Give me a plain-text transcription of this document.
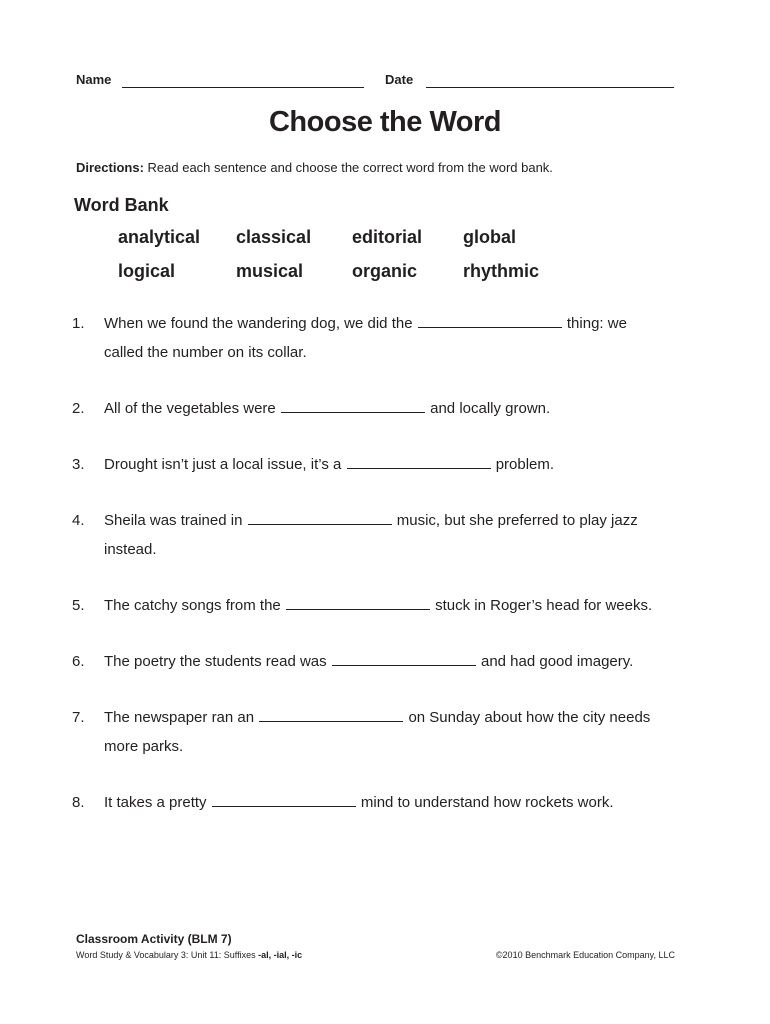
Name	Date
Choose the Word
Directions: Read each sentence and choose the correct word from the word bank.
Word Bank
analytical classical editorial global
logical	musical	organic	rhythmic
1.	When we found the wandering dog, we did the	thing: we called the number on its collar.
2.	All of the vegetables were	and locally grown.
3.	Drought isn’t just a local issue, it’s a	problem.
4.	Sheila was trained in	music, but she preferred to play jazz instead.
5.	The catchy songs from the	stuck in Roger’s head for weeks.
6.	The poetry the students read was	and had good imagery.
7.	The newspaper ran an	on Sunday about how the city needs more parks.
8.	It takes a pretty	mind to understand how rockets work.
Classroom Activity (BLM 7)
Word Study & Vocabulary 3: Unit 11: Suffixes -al, -ial, -ic	©2010 Benchmark Education Company, LLC
